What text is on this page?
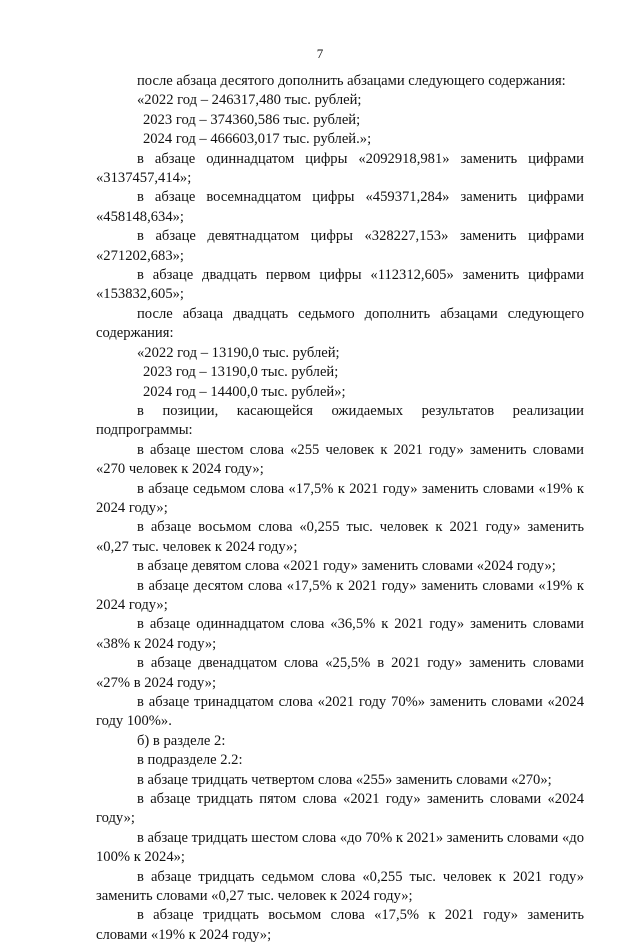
7

после абзаца десятого дополнить абзацами следующего содержания:

«2022 год – 246317,480 тыс. рублей;

2023 год – 374360,586 тыс. рублей;

2024 год – 466603,017 тыс. рублей.»;

в абзаце одиннадцатом цифры «2092918,981» заменить цифрами «3137457,414»;

в абзаце восемнадцатом цифры «459371,284» заменить цифрами «458148,634»;

в абзаце девятнадцатом цифры «328227,153» заменить цифрами «271202,683»;

в абзаце двадцать первом цифры «112312,605» заменить цифрами «153832,605»;

после абзаца двадцать седьмого дополнить абзацами следующего содержания:

«2022 год – 13190,0 тыс. рублей;

2023 год – 13190,0 тыс. рублей;

2024 год – 14400,0 тыс. рублей»;

в позиции, касающейся ожидаемых результатов реализации подпрограммы:

в абзаце шестом слова «255 человек к 2021 году» заменить словами «270 человек к 2024 году»;

в абзаце седьмом слова «17,5% к 2021 году» заменить словами «19% к 2024 году»;

в абзаце восьмом слова «0,255 тыс. человек к 2021 году» заменить «0,27 тыс. человек к 2024 году»;

в абзаце девятом слова «2021 году» заменить словами «2024 году»;

в абзаце десятом слова «17,5% к 2021 году» заменить словами «19% к 2024 году»;

в абзаце одиннадцатом слова «36,5% к 2021 году» заменить словами «38% к 2024 году»;

в абзаце двенадцатом слова «25,5% в 2021 году» заменить словами «27% в 2024 году»;

в абзаце тринадцатом слова «2021 году 70%» заменить словами «2024 году 100%».

б) в разделе 2:

в подразделе 2.2:

в абзаце тридцать четвертом слова «255» заменить словами «270»;

в абзаце тридцать пятом слова «2021 году» заменить словами «2024 году»;

в абзаце тридцать шестом слова «до 70% к 2021» заменить словами «до 100% к 2024»;

в абзаце тридцать седьмом слова «0,255 тыс. человек к 2021 году» заменить словами «0,27 тыс. человек к 2024 году»;

в абзаце тридцать восьмом слова «17,5% к 2021 году» заменить словами «19% к 2024 году»;
